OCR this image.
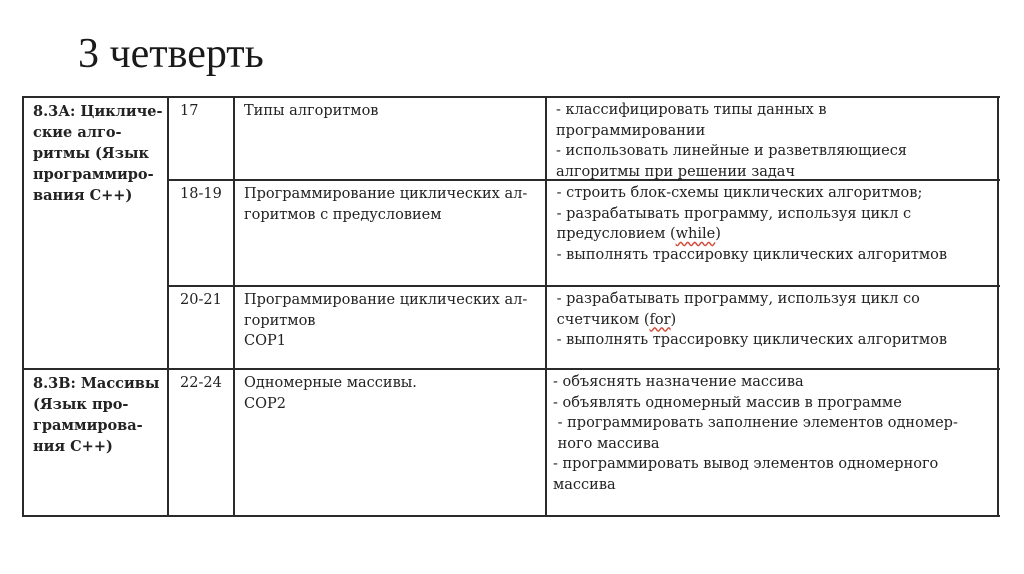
3 четверть
8.3А: Цикличе-
ские алго-
ритмы (Язык
программиро-
вания С++)
17	Типы алгоритмов	- классифицировать типы данных в
программировании
- использовать линейные и разветвляющиеся
алгоритмы при решении задач
18-19 Программирование циклических ал-
горитмов с предусловием
- строить блок-схемы циклических алгоритмов;
- разрабатывать программу, используя цикл с
предусловием (while)
- выполнять трассировку циклических алгоритмов
20-21 Программирование циклических ал-
горитмов
СОР1
- разрабатывать программу, используя цикл со
счетчиком (for)
- выполнять трассировку циклических алгоритмов
8.3В: Массивы
(Язык про-
граммирова-
ния С++)
22-24 Одномерные массивы.
СОР2
- объяснять назначение массива
- объявлять одномерный массив в программе
- программировать заполнение элементов одномер-
ного массива
- программировать вывод элементов одномерного
массива
